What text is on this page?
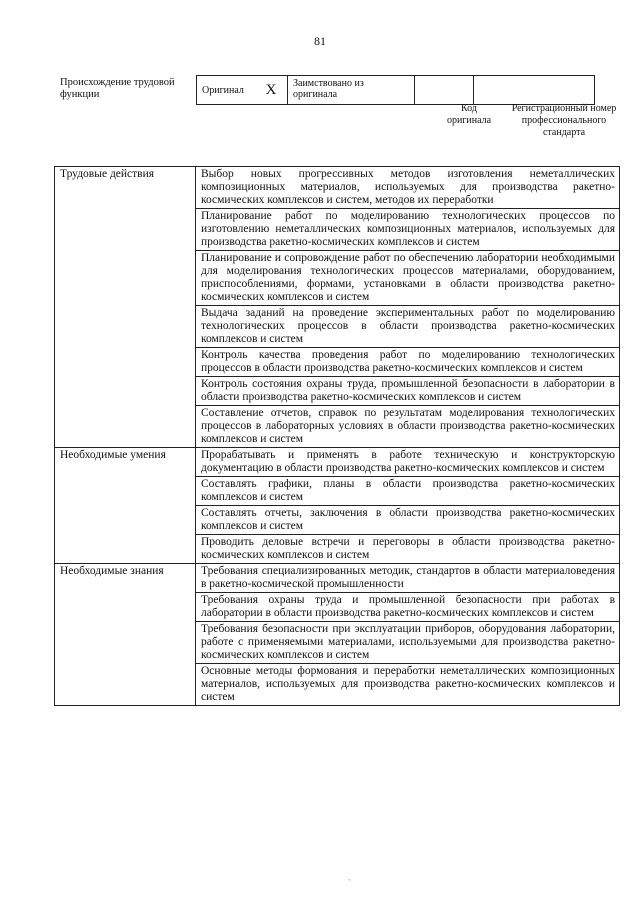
81
Происхождение трудовой функции	Оригинал	X	Заимствовано из оригинала		
Код оригинала
Регистрационный номер профессионального стандарта
Трудовые действия	Выбор новых прогрессивных методов изготовления неметаллических композиционных материалов, используемых для производства ракетно-космических комплексов и систем, методов их переработки
	Планирование работ по моделированию технологических процессов по изготовлению неметаллических композиционных материалов, используемых для производства ракетно-космических комплексов и систем
	Планирование и сопровождение работ по обеспечению лаборатории необходимыми для моделирования технологических процессов материалами, оборудованием, приспособлениями, формами, установками в области производства ракетно-космических комплексов и систем
	Выдача заданий на проведение экспериментальных работ по моделированию технологических процессов в области производства ракетно-космических комплексов и систем
	Контроль качества проведения работ по моделированию технологических процессов в области производства ракетно-космических комплексов и систем
	Контроль состояния охраны труда, промышленной безопасности в лаборатории в области производства ракетно-космических комплексов и систем
	Составление отчетов, справок по результатам моделирования технологических процессов в лабораторных условиях в области производства ракетно-космических комплексов и систем
Необходимые умения	Прорабатывать и применять в работе техническую и конструкторскую документацию в области производства ракетно-космических комплексов и систем
	Составлять графики, планы в области производства ракетно-космических комплексов и систем
	Составлять отчеты, заключения в области производства ракетно-космических комплексов и систем
	Проводить деловые встречи и переговоры в области производства ракетно-космических комплексов и систем
Необходимые знания	Требования специализированных методик, стандартов в области материаловедения в ракетно-космической промышленности
	Требования охраны труда и промышленной безопасности при работах в лаборатории в области производства ракетно-космических комплексов и систем
	Требования безопасности при эксплуатации приборов, оборудования лаборатории, работе с применяемыми материалами, используемыми для производства ракетно-космических комплексов и систем
	Основные методы формования и переработки неметаллических композиционных материалов, используемых для производства ракетно-космических комплексов и систем
`
